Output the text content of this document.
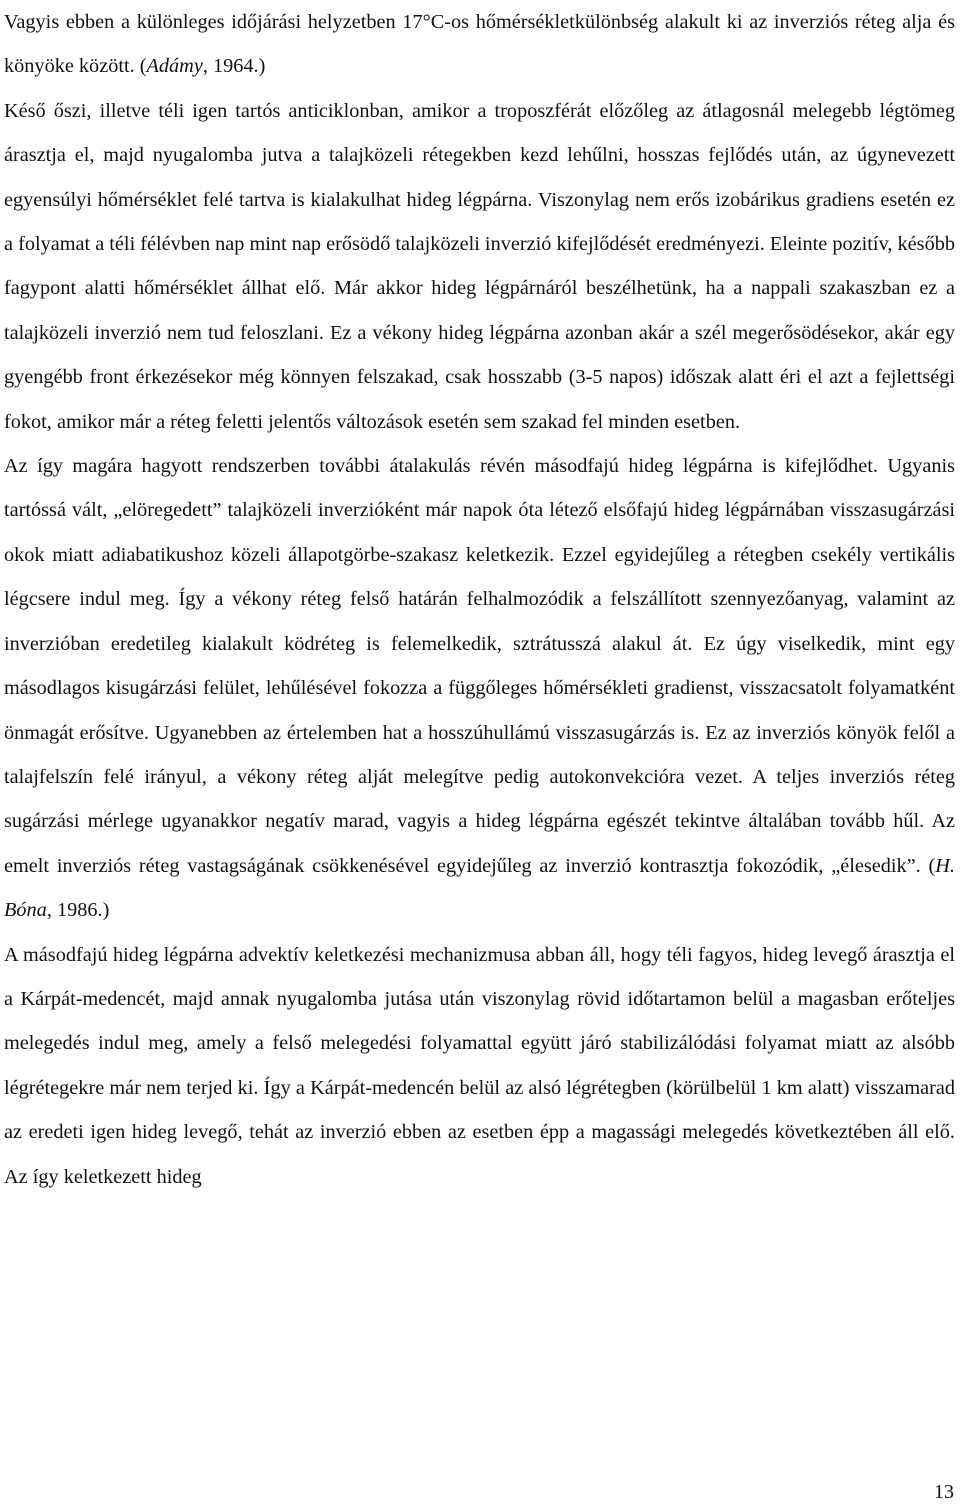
Vagyis ebben a különleges időjárási helyzetben 17°C-os hőmérsékletkülönbség alakult ki az inverziós réteg alja és könyöke között. (Adámy, 1964.)

Késő őszi, illetve téli igen tartós anticiklonban, amikor a troposzférát előzőleg az átlagosnál melegebb légtömeg árasztja el, majd nyugalomba jutva a talajközeli rétegekben kezd lehűlni, hosszas fejlődés után, az úgynevezett egyensúlyi hőmérséklet felé tartva is kialakulhat hideg légpárna. Viszonylag nem erős izobárikus gradiens esetén ez a folyamat a téli félévben nap mint nap erősödő talajközeli inverzió kifejlődését eredményezi. Eleinte pozitív, később fagypont alatti hőmérséklet állhat elő. Már akkor hideg légpárnáról beszélhetünk, ha a nappali szakaszban ez a talajközeli inverzió nem tud feloszlani. Ez a vékony hideg légpárna azonban akár a szél megerősödésekor, akár egy gyengébb front érkezésekor még könnyen felszakad, csak hosszabb (3-5 napos) időszak alatt éri el azt a fejlettségi fokot, amikor már a réteg feletti jelentős változások esetén sem szakad fel minden esetben.

Az így magára hagyott rendszerben további átalakulás révén másodfajú hideg légpárna is kifejlődhet. Ugyanis tartóssá vált, „elöregedett” talajközeli inverzióként már napok óta létező elsőfajú hideg légpárnában visszasugárzási okok miatt adiabatikushoz közeli állapotgörbe-szakasz keletkezik. Ezzel egyidejűleg a rétegben csekély vertikális légcsere indul meg. Így a vékony réteg felső határán felhalmozódik a felszállított szennyezőanyag, valamint az inverzióban eredetileg kialakult ködréteg is felemelkedik, sztrátusszá alakul át. Ez úgy viselkedik, mint egy másodlagos kisugárzási felület, lehűlésével fokozza a függőleges hőmérsékleti gradienst, visszacsatolt folyamatként önmagát erősítve. Ugyanebben az értelemben hat a hosszúhullámú visszasugárzás is. Ez az inverziós könyök felől a talajfelszín felé irányul, a vékony réteg alját melegítve pedig autokonvekcióra vezet. A teljes inverziós réteg sugárzási mérlege ugyanakkor negatív marad, vagyis a hideg légpárna egészét tekintve általában tovább hűl. Az emelt inverziós réteg vastagságának csökkenésével egyidejűleg az inverzió kontrasztja fokozódik, „élesedik”. (H. Bóna, 1986.)

A másodfajú hideg légpárna advektív keletkezési mechanizmusa abban áll, hogy téli fagyos, hideg levegő árasztja el a Kárpát-medencét, majd annak nyugalomba jutása után viszonylag rövid időtartamon belül a magasban erőteljes melegedés indul meg, amely a felső melegedési folyamattal együtt járó stabilizálódási folyamat miatt az alsóbb légrétegekre már nem terjed ki. Így a Kárpát-medencén belül az alsó légrétegben (körülbelül 1 km alatt) visszamarad az eredeti igen hideg levegő, tehát az inverzió ebben az esetben épp a magassági melegedés következtében áll elő. Az így keletkezett hideg

13
